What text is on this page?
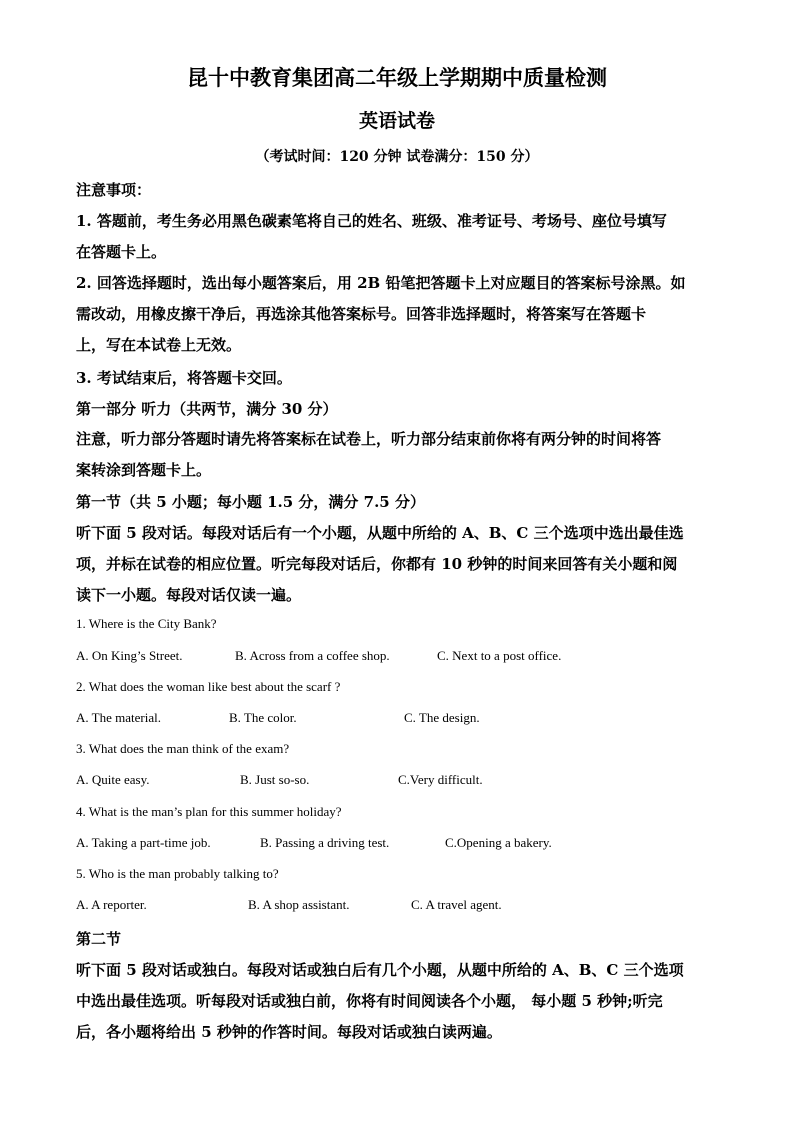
昆十中教育集团高二年级上学期期中质量检测
英语试卷
（考试时间：120 分钟 试卷满分：150 分）
注意事项：
1. 答题前，考生务必用黑色碳素笔将自己的姓名、班级、准考证号、考场号、座位号填写
在答题卡上。
2. 回答选择题时，选出每小题答案后，用 2B 铅笔把答题卡上对应题目的答案标号涂黑。如
需改动，用橡皮擦干净后，再选涂其他答案标号。回答非选择题时，将答案写在答题卡
上，写在本试卷上无效。
3. 考试结束后，将答题卡交回。
第一部分 听力（共两节，满分 30 分）
注意，听力部分答题时请先将答案标在试卷上，听力部分结束前你将有两分钟的时间将答
案转涂到答题卡上。
第一节（共 5 小题；每小题 1.5 分，满分 7.5 分）
听下面 5 段对话。每段对话后有一个小题，从题中所给的 A、B、C 三个选项中选出最佳选
项，并标在试卷的相应位置。听完每段对话后，你都有 10 秒钟的时间来回答有关小题和阅
读下一小题。每段对话仅读一遍。
1. Where is the City Bank?
A. On King’s Street.	B. Across from a coffee shop.	C. Next to a post office.
2. What does the woman like best about the scarf ?
A. The material.	B. The color.	C. The design.
3. What does the man think of the exam?
A. Quite easy.	B. Just so-so.	C.Very difficult.
4. What is the man’s plan for this summer holiday?
A. Taking a part-time job.	B. Passing a driving test.	C.Opening a bakery.
5. Who is the man probably talking to?
A. A reporter.	B. A shop assistant.	C. A travel agent.
第二节
听下面 5 段对话或独白。每段对话或独白后有几个小题，从题中所给的 A、B、C 三个选项
中选出最佳选项。听每段对话或独白前，你将有时间阅读各个小题， 每小题 5 秒钟;听完
后，各小题将给出 5 秒钟的作答时间。每段对话或独白读两遍。
